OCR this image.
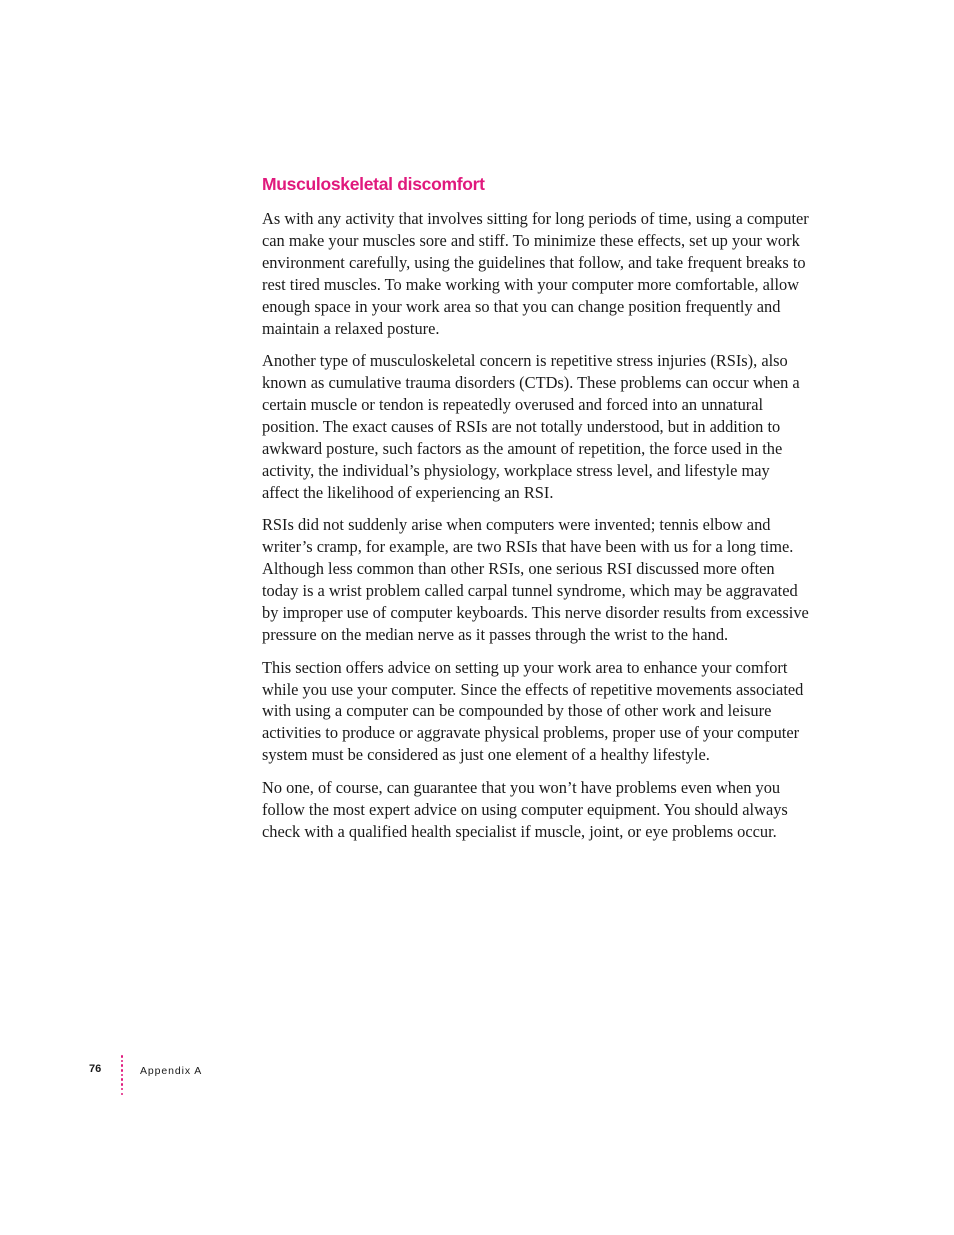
Musculoskeletal discomfort

As with any activity that involves sitting for long periods of time, using a computer can make your muscles sore and stiff. To minimize these effects, set up your work environment carefully, using the guidelines that follow, and take frequent breaks to rest tired muscles. To make working with your computer more comfortable, allow enough space in your work area so that you can change position frequently and maintain a relaxed posture.

Another type of musculoskeletal concern is repetitive stress injuries (RSIs), also known as cumulative trauma disorders (CTDs). These problems can occur when a certain muscle or tendon is repeatedly overused and forced into an unnatural position. The exact causes of RSIs are not totally understood, but in addition to awkward posture, such factors as the amount of repetition, the force used in the activity, the individual’s physiology, workplace stress level, and lifestyle may affect the likelihood of experiencing an RSI.

RSIs did not suddenly arise when computers were invented; tennis elbow and writer’s cramp, for example, are two RSIs that have been with us for a long time. Although less common than other RSIs, one serious RSI discussed more often today is a wrist problem called carpal tunnel syndrome, which may be aggravated by improper use of computer keyboards. This nerve disorder results from excessive pressure on the median nerve as it passes through the wrist to the hand.

This section offers advice on setting up your work area to enhance your comfort while you use your computer. Since the effects of repetitive movements associated with using a computer can be compounded by those of other work and leisure activities to produce or aggravate physical problems, proper use of your computer system must be considered as just one element of a healthy lifestyle.

No one, of course, can guarantee that you won’t have problems even when you follow the most expert advice on using computer equipment. You should always check with a qualified health specialist if muscle, joint, or eye problems occur.

76	Appendix A
